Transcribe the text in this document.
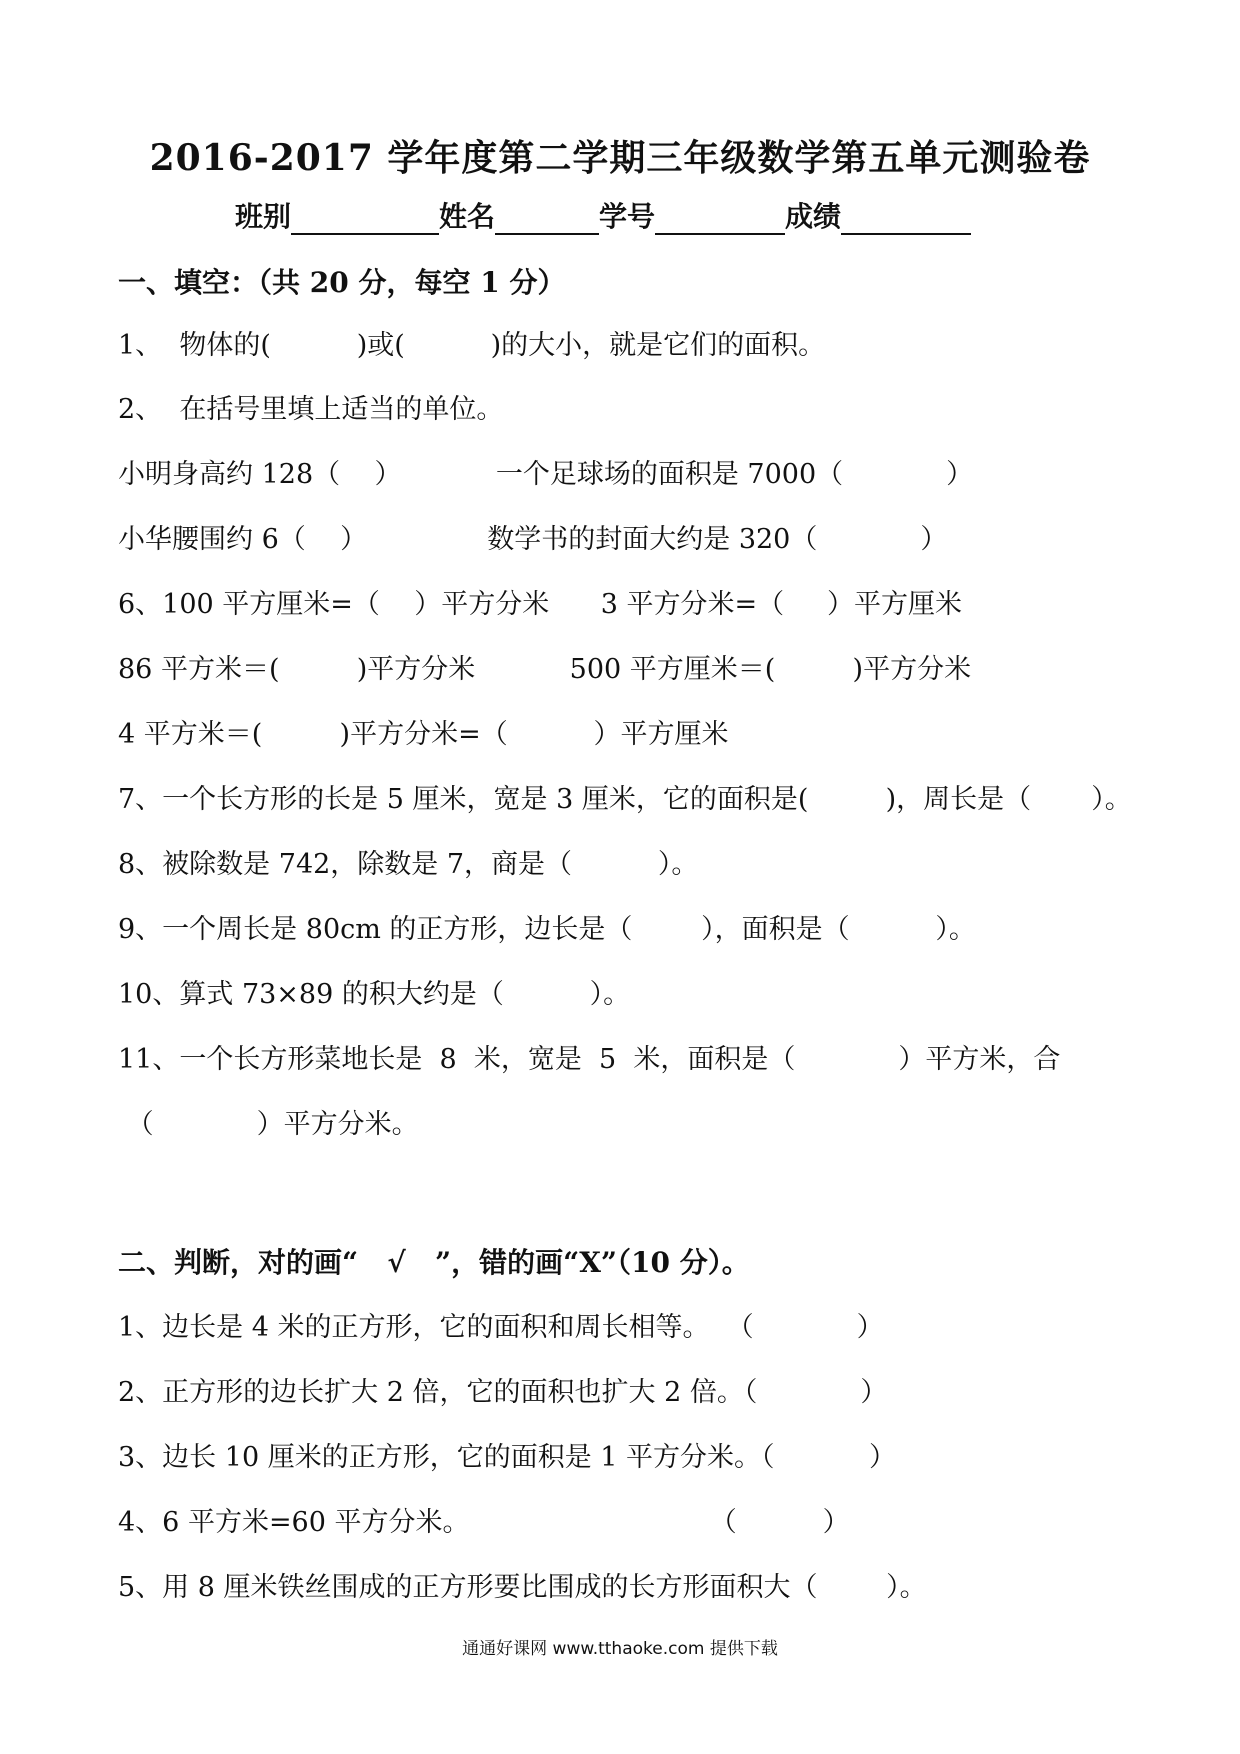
2016-2017 学年度第二学期三年级数学第五单元测验卷
班别	姓名	学号	成绩
一、填空：（共 20 分，每空 1 分）
1、  物体的(          )或(          )的大小，就是它们的面积。
2、  在括号里填上适当的单位。
小明身高约 128（    ）           一个足球场的面积是 7000（            ）
小华腰围约 6（    ）              数学书的封面大约是 320（            ）
6、100 平方厘米=（    ）平方分米      3 平方分米=（     ）平方厘米
86 平方米＝(         )平方分米           500 平方厘米＝(         )平方分米
4 平方米＝(         )平方分米=（          ）平方厘米
7、一个长方形的长是 5 厘米，宽是 3 厘米，它的面积是(         )，周长是（       ）。
8、被除数是 742，除数是 7，商是（          ）。
9、一个周长是 80cm 的正方形，边长是（        ），面积是（          ）。
10、算式 73×89 的积大约是（          ）。
11、一个长方形菜地长是  8  米，宽是  5  米，面积是（            ）平方米，合
（            ）平方分米。
二、判断，对的画“   √   ”，错的画“X”（10 分）。
1、边长是 4 米的正方形，它的面积和周长相等。  （            ）
2、正方形的边长扩大 2 倍，它的面积也扩大 2 倍。（            ）
3、边长 10 厘米的正方形，它的面积是 1 平方分米。（           ）
4、6 平方米=60 平方分米。                            （          ）
5、用 8 厘米铁丝围成的正方形要比围成的长方形面积大（        ）。
通通好课网 www.tthaoke.com 提供下载
